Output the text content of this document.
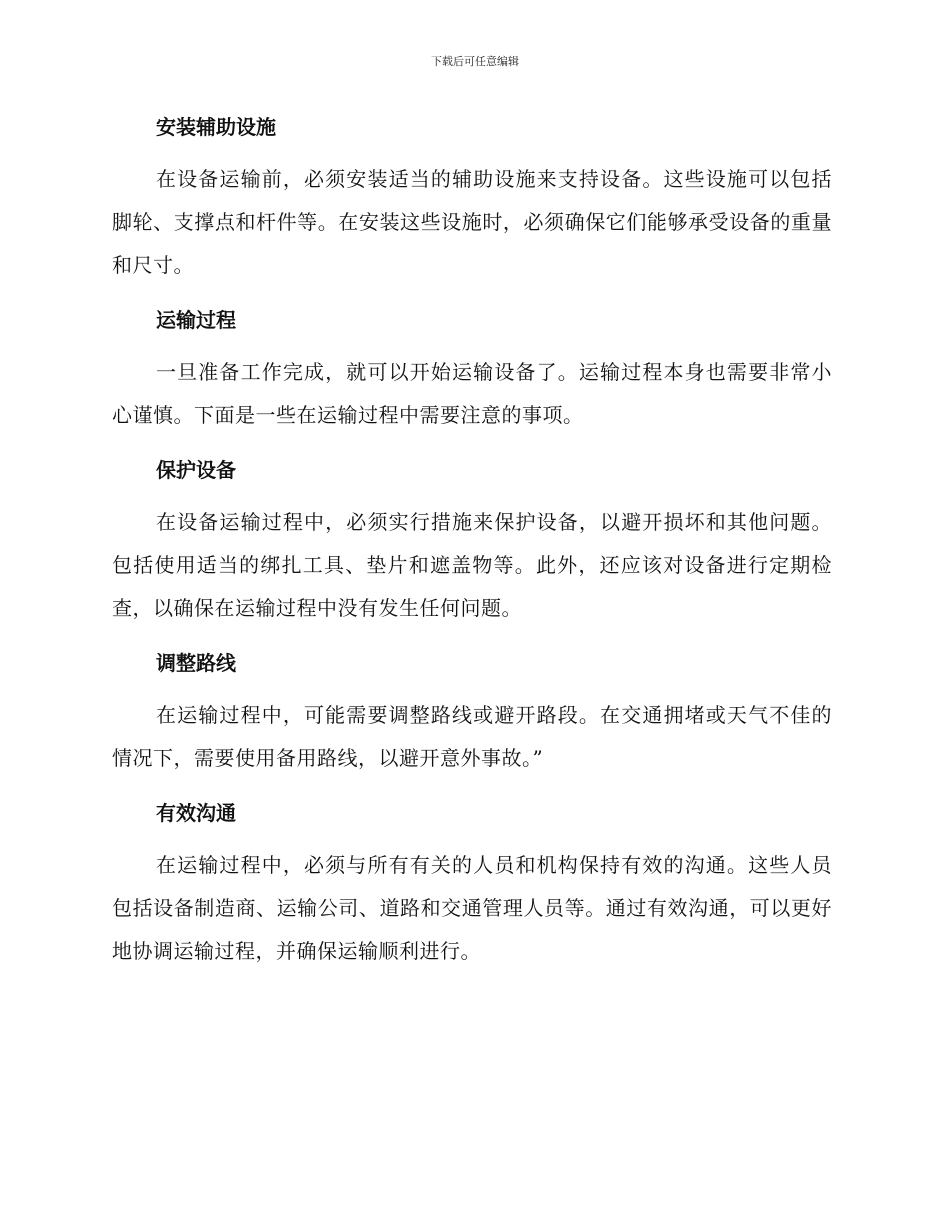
下载后可任意编辑
安装辅助设施

在设备运输前，必须安装适当的辅助设施来支持设备。这些设施可以包括脚轮、支撑点和杆件等。在安装这些设施时，必须确保它们能够承受设备的重量和尺寸。

运输过程

一旦准备工作完成，就可以开始运输设备了。运输过程本身也需要非常小心谨慎。下面是一些在运输过程中需要注意的事项。

保护设备

在设备运输过程中，必须实行措施来保护设备，以避开损坏和其他问题。包括使用适当的绑扎工具、垫片和遮盖物等。此外，还应该对设备进行定期检查，以确保在运输过程中没有发生任何问题。

调整路线

在运输过程中，可能需要调整路线或避开路段。在交通拥堵或天气不佳的情况下，需要使用备用路线，以避开意外事故。”

有效沟通

在运输过程中，必须与所有有关的人员和机构保持有效的沟通。这些人员包括设备制造商、运输公司、道路和交通管理人员等。通过有效沟通，可以更好地协调运输过程，并确保运输顺利进行。
